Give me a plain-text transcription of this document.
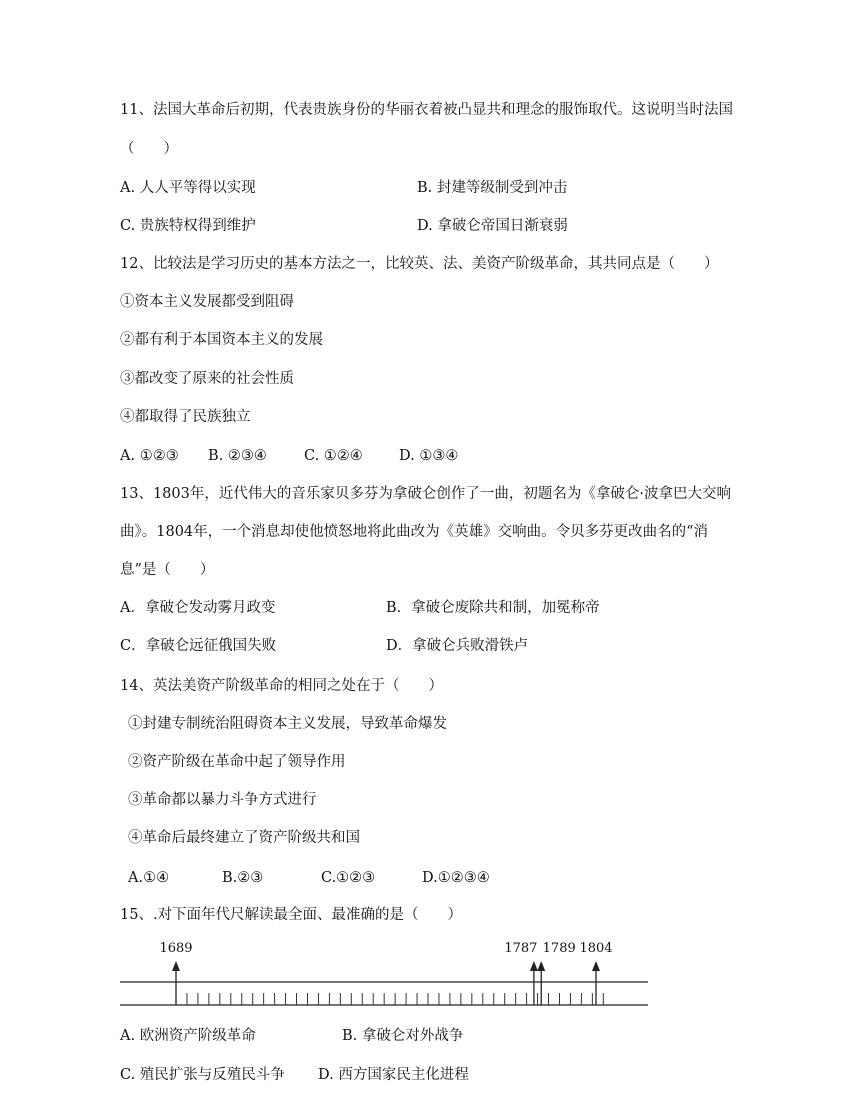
11、法国大革命后初期，代表贵族身份的华丽衣着被凸显共和理念的服饰取代。这说明当时法国
（　　）
A. 人人平等得以实现	B. 封建等级制受到冲击
C. 贵族特权得到维护	D. 拿破仑帝国日渐衰弱
12、比较法是学习历史的基本方法之一，比较英、法、美资产阶级革命，其共同点是（　　）
①资本主义发展都受到阻碍
②都有利于本国资本主义的发展
③都改变了原来的社会性质
④都取得了民族独立
A. ①②③ B. ②③④	C. ①②④ D. ①③④
13、1803年，近代伟大的音乐家贝多芬为拿破仑创作了一曲，初题名为《拿破仑·波拿巴大交响
曲》。1804年，一个消息却使他愤怒地将此曲改为《英雄》交响曲。令贝多芬更改曲名的“消
息”是（　　）
A．拿破仑发动雾月政变	B．拿破仑废除共和制，加冕称帝
C．拿破仑远征俄国失败	D．拿破仑兵败滑铁卢
14、英法美资产阶级革命的相同之处在于（　　）
①封建专制统治阻碍资本主义发展，导致革命爆发
②资产阶级在革命中起了领导作用
③革命都以暴力斗争方式进行
④革命后最终建立了资产阶级共和国
A.①④	B.②③	C.①②③	D.①②③④
15、.对下面年代尺解读最全面、最准确的是（　　）
1689	1787 1789 1804
A. 欧洲资产阶级革命	B. 拿破仑对外战争
C. 殖民扩张与反殖民斗争 D. 西方国家民主化进程
